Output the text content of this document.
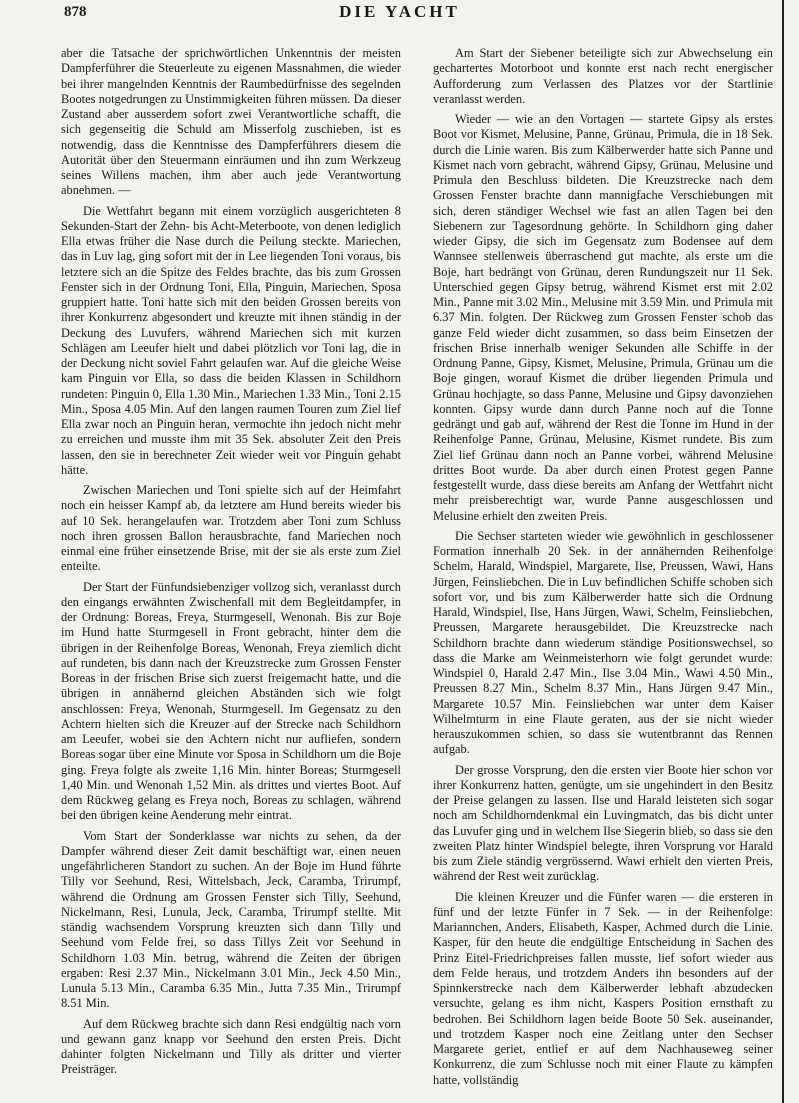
878	DIE YACHT

aber die Tatsache der sprichwörtlichen Unkenntnis der meisten Dampferführer die Steuerleute zu eigenen Massnahmen, die wieder bei ihrer mangelnden Kenntnis der Raumbedürfnisse des segelnden Bootes notgedrungen zu Unstimmigkeiten führen müssen. Da dieser Zustand aber ausserdem sofort zwei Verantwortliche schafft, die sich gegenseitig die Schuld am Misserfolg zuschieben, ist es notwendig, dass die Kenntnisse des Dampferführers diesem die Autorität über den Steuermann einräumen und ihn zum Werkzeug seines Willens machen, ihm aber auch jede Verantwortung abnehmen. —

Die Wettfahrt begann mit einem vorzüglich ausgerichteten 8 Sekunden-Start der Zehn- bis Acht-Meterboote, von denen lediglich Ella etwas früher die Nase durch die Peilung steckte. Mariechen, das in Luv lag, ging sofort mit der in Lee liegenden Toni voraus, bis letztere sich an die Spitze des Feldes brachte, das bis zum Grossen Fenster sich in der Ordnung Toni, Ella, Pinguin, Mariechen, Sposa gruppiert hatte. Toni hatte sich mit den beiden Grossen bereits von ihrer Konkurrenz abgesondert und kreuzte mit ihnen ständig in der Deckung des Luvufers, während Mariechen sich mit kurzen Schlägen am Leeufer hielt und dabei plötzlich vor Toni lag, die in der Deckung nicht soviel Fahrt gelaufen war. Auf die gleiche Weise kam Pinguin vor Ella, so dass die beiden Klassen in Schildhorn rundeten: Pinguin 0, Ella 1.30 Min., Mariechen 1.33 Min., Toni 2.15 Min., Sposa 4.05 Min. Auf den langen raumen Touren zum Ziel lief Ella zwar noch an Pinguin heran, vermochte ihn jedoch nicht mehr zu erreichen und musste ihm mit 35 Sek. absoluter Zeit den Preis lassen, den sie in berechneter Zeit wieder weit vor Pinguin gehabt hätte.

Zwischen Mariechen und Toni spielte sich auf der Heimfahrt noch ein heisser Kampf ab, da letztere am Hund bereits wieder bis auf 10 Sek. herangelaufen war. Trotzdem aber Toni zum Schluss noch ihren grossen Ballon herausbrachte, fand Mariechen noch einmal eine früher einsetzende Brise, mit der sie als erste zum Ziel enteilte.

Der Start der Fünfundsiebenziger vollzog sich, veranlasst durch den eingangs erwähnten Zwischenfall mit dem Begleitdampfer, in der Ordnung: Boreas, Freya, Sturmgesell, Wenonah. Bis zur Boje im Hund hatte Sturmgesell in Front gebracht, hinter dem die übrigen in der Reihenfolge Boreas, Wenonah, Freya ziemlich dicht auf rundeten, bis dann nach der Kreuzstrecke zum Grossen Fenster Boreas in der frischen Brise sich zuerst freigemacht hatte, und die übrigen in annähernd gleichen Abständen sich wie folgt anschlossen: Freya, Wenonah, Sturmgesell. Im Gegensatz zu den Achtern hielten sich die Kreuzer auf der Strecke nach Schildhorn am Leeufer, wobei sie den Achtern nicht nur aufliefen, sondern Boreas sogar über eine Minute vor Sposa in Schildhorn um die Boje ging. Freya folgte als zweite 1,16 Min. hinter Boreas; Sturmgesell 1,40 Min. und Wenonah 1,52 Min. als drittes und viertes Boot. Auf dem Rückweg gelang es Freya noch, Boreas zu schlagen, während bei den übrigen keine Aenderung mehr eintrat.

Vom Start der Sonderklasse war nichts zu sehen, da der Dampfer während dieser Zeit damit beschäftigt war, einen neuen ungefährlicheren Standort zu suchen. An der Boje im Hund führte Tilly vor Seehund, Resi, Wittelsbach, Jeck, Caramba, Trirumpf, während die Ordnung am Grossen Fenster sich Tilly, Seehund, Nickelmann, Resi, Lunula, Jeck, Caramba, Trirumpf stellte. Mit ständig wachsendem Vorsprung kreuzten sich dann Tilly und Seehund vom Felde frei, so dass Tillys Zeit vor Seehund in Schildhorn 1.03 Min. betrug, während die Zeiten der übrigen ergaben: Resi 2.37 Min., Nickelmann 3.01 Min., Jeck 4.50 Min., Lunula 5.13 Min., Caramba 6.35 Min., Jutta 7.35 Min., Trirumpf 8.51 Min.

Auf dem Rückweg brachte sich dann Resi endgültig nach vorn und gewann ganz knapp vor Seehund den ersten Preis. Dicht dahinter folgten Nickelmann und Tilly als dritter und vierter Preisträger.

Am Start der Siebener beteiligte sich zur Abwechselung ein gechartertes Motorboot und konnte erst nach recht energischer Aufforderung zum Verlassen des Platzes vor der Startlinie veranlasst werden.

Wieder — wie an den Vortagen — startete Gipsy als erstes Boot vor Kismet, Melusine, Panne, Grünau, Primula, die in 18 Sek. durch die Linie waren. Bis zum Kälberwerder hatte sich Panne und Kismet nach vorn gebracht, während Gipsy, Grünau, Melusine und Primula den Beschluss bildeten. Die Kreuzstrecke nach dem Grossen Fenster brachte dann mannigfache Verschiebungen mit sich, deren ständiger Wechsel wie fast an allen Tagen bei den Siebenern zur Tagesordnung gehörte. In Schildhorn ging daher wieder Gipsy, die sich im Gegensatz zum Bodensee auf dem Wannsee stellenweis überraschend gut machte, als erste um die Boje, hart bedrängt von Grünau, deren Rundungszeit nur 11 Sek. Unterschied gegen Gipsy betrug, während Kismet erst mit 2.02 Min., Panne mit 3.02 Min., Melusine mit 3.59 Min. und Primula mit 6.37 Min. folgten. Der Rückweg zum Grossen Fenster schob das ganze Feld wieder dicht zusammen, so dass beim Einsetzen der frischen Brise innerhalb weniger Sekunden alle Schiffe in der Ordnung Panne, Gipsy, Kismet, Melusine, Primula, Grünau um die Boje gingen, worauf Kismet die drüber liegenden Primula und Grünau hochjagte, so dass Panne, Melusine und Gipsy davonziehen konnten. Gipsy wurde dann durch Panne noch auf die Tonne gedrängt und gab auf, während der Rest die Tonne im Hund in der Reihenfolge Panne, Grünau, Melusine, Kismet rundete. Bis zum Ziel lief Grünau dann noch an Panne vorbei, während Melusine drittes Boot wurde. Da aber durch einen Protest gegen Panne festgestellt wurde, dass diese bereits am Anfang der Wettfahrt nicht mehr preisberechtigt war, wurde Panne ausgeschlossen und Melusine erhielt den zweiten Preis.

Die Sechser starteten wieder wie gewöhnlich in geschlossener Formation innerhalb 20 Sek. in der annähernden Reihenfolge Schelm, Harald, Windspiel, Margarete, Ilse, Preussen, Wawi, Hans Jürgen, Feinsliebchen. Die in Luv befindlichen Schiffe schoben sich sofort vor, und bis zum Kälberwerder hatte sich die Ordnung Harald, Windspiel, Ilse, Hans Jürgen, Wawi, Schelm, Feinsliebchen, Preussen, Margarete herausgebildet. Die Kreuzstrecke nach Schildhorn brachte dann wiederum ständige Positionswechsel, so dass die Marke am Weinmeisterhorn wie folgt gerundet wurde: Windspiel 0, Harald 2.47 Min., Ilse 3.04 Min., Wawi 4.50 Min., Preussen 8.27 Min., Schelm 8.37 Min., Hans Jürgen 9.47 Min., Margarete 10.57 Min. Feinsliebchen war unter dem Kaiser Wilhelmturm in eine Flaute geraten, aus der sie nicht wieder herauszukommen schien, so dass sie wutentbrannt das Rennen aufgab.

Der grosse Vorsprung, den die ersten vier Boote hier schon vor ihrer Konkurrenz hatten, genügte, um sie ungehindert in den Besitz der Preise gelangen zu lassen. Ilse und Harald leisteten sich sogar noch am Schildhorndenkmal ein Luvingmatch, das bis dicht unter das Luvufer ging und in welchem Ilse Siegerin blieb, so dass sie den zweiten Platz hinter Windspiel belegte, ihren Vorsprung vor Harald bis zum Ziele ständig vergrössernd. Wawi erhielt den vierten Preis, während der Rest weit zurücklag.

Die kleinen Kreuzer und die Fünfer waren — die ersteren in fünf und der letzte Fünfer in 7 Sek. — in der Reihenfolge: Mariannchen, Anders, Elisabeth, Kasper, Achmed durch die Linie. Kasper, für den heute die endgültige Entscheidung in Sachen des Prinz Eitel-Friedrichpreises fallen musste, lief sofort wieder aus dem Felde heraus, und trotzdem Anders ihn besonders auf der Spinnkerstrecke nach dem Kälberwerder lebhaft abzudecken versuchte, gelang es ihm nicht, Kaspers Position ernsthaft zu bedrohen. Bei Schildhorn lagen beide Boote 50 Sek. auseinander, und trotzdem Kasper noch eine Zeitlang unter den Sechser Margarete geriet, entlief er auf dem Nachhauseweg seiner Konkurrenz, die zum Schlusse noch mit einer Flaute zu kämpfen hatte, vollständig
